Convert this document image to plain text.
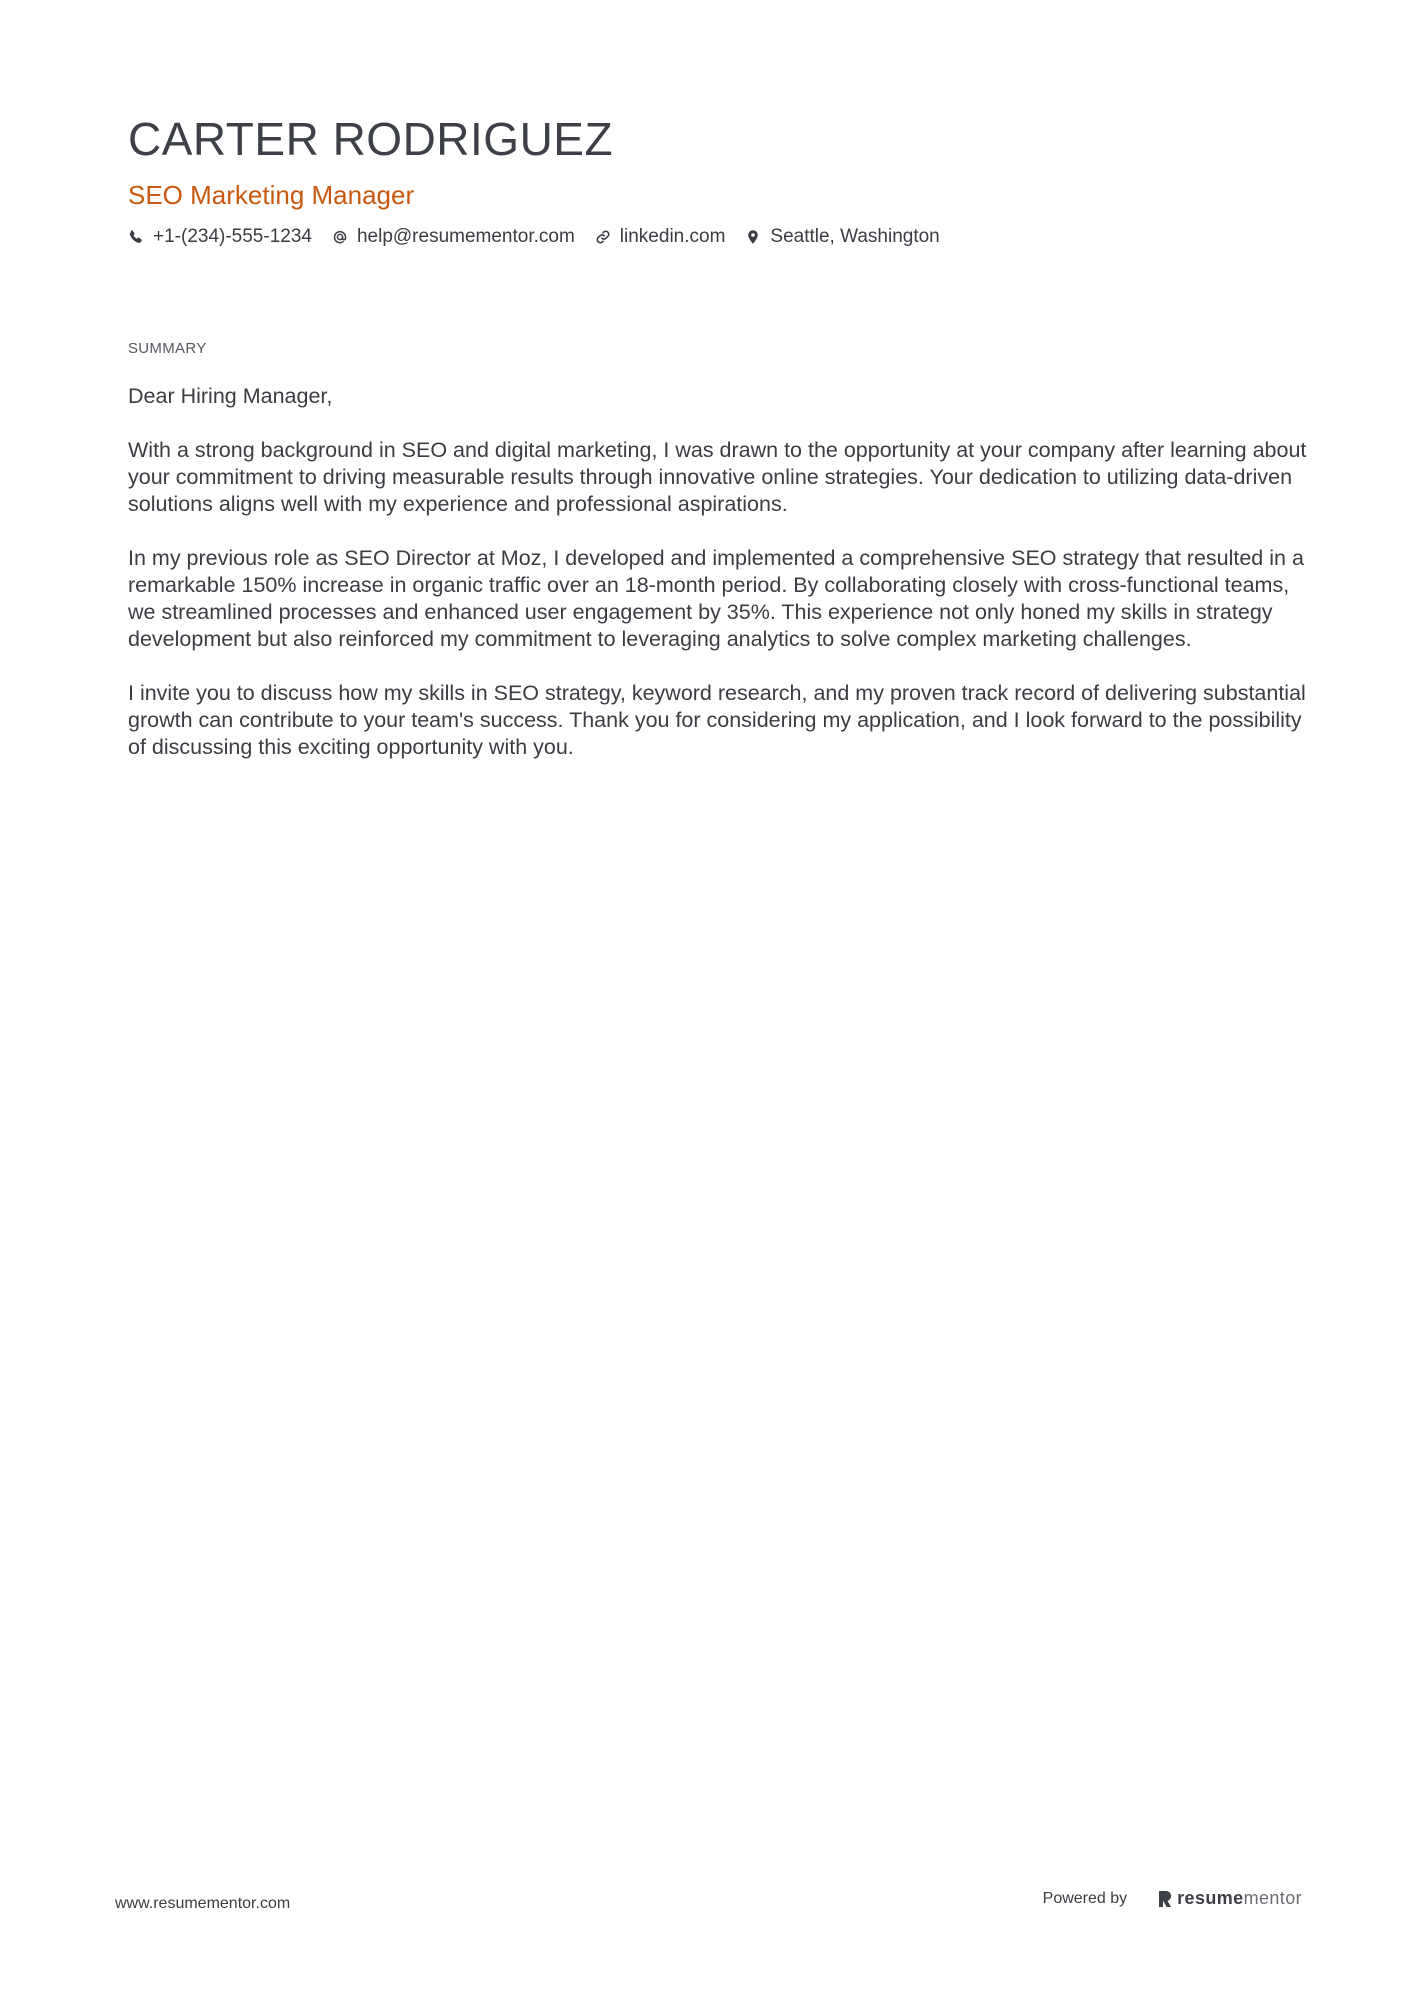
CARTER RODRIGUEZ
SEO Marketing Manager
+1-(234)-555-1234 help@resumementor.com linkedin.com Seattle, Washington
SUMMARY

Dear Hiring Manager,

With a strong background in SEO and digital marketing, I was drawn to the opportunity at your company after learning about your commitment to driving measurable results through innovative online strategies. Your dedication to utilizing data-driven solutions aligns well with my experience and professional aspirations.

In my previous role as SEO Director at Moz, I developed and implemented a comprehensive SEO strategy that resulted in a remarkable 150% increase in organic traffic over an 18-month period. By collaborating closely with cross-functional teams, we streamlined processes and enhanced user engagement by 35%. This experience not only honed my skills in strategy development but also reinforced my commitment to leveraging analytics to solve complex marketing challenges.

I invite you to discuss how my skills in SEO strategy, keyword research, and my proven track record of delivering substantial growth can contribute to your team's success. Thank you for considering my application, and I look forward to the possibility of discussing this exciting opportunity with you.

www.resumementor.com	Powered by	resumementor
